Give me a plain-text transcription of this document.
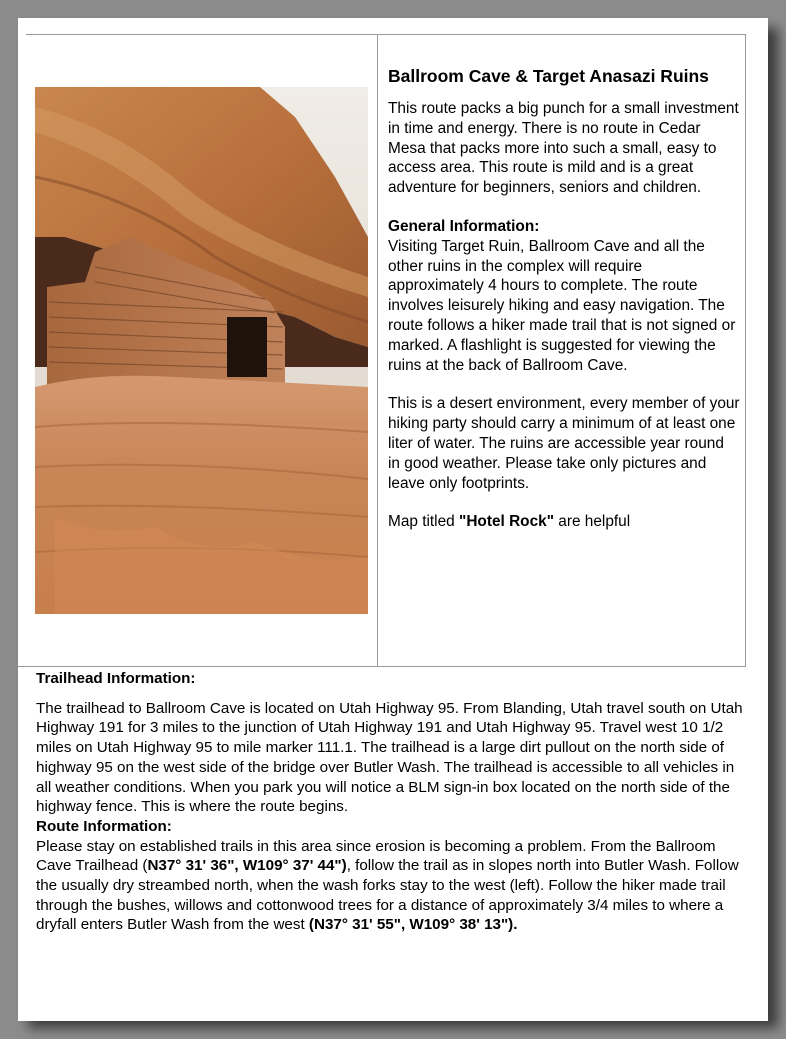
Ballroom Cave & Target Anasazi Ruins

This route packs a big punch for a small investment in time and energy. There is no route in Cedar Mesa that packs more into such a small, easy to access area. This route is mild and is a great adventure for beginners, seniors and children.

General Information:
Visiting Target Ruin, Ballroom Cave and all the other ruins in the complex will require approximately 4 hours to complete. The route involves leisurely hiking and easy navigation. The route follows a hiker made trail that is not signed or marked. A flashlight is suggested for viewing the ruins at the back of Ballroom Cave.

This is a desert environment, every member of your hiking party should carry a minimum of at least one liter of water. The ruins are accessible year round in good weather. Please take only pictures and leave only footprints.

Map titled "Hotel Rock" are helpful

Trailhead Information:

The trailhead to Ballroom Cave is located on Utah Highway 95. From Blanding, Utah travel south on Utah Highway 191 for 3 miles to the junction of Utah Highway 191 and Utah Highway 95. Travel west 10 1/2 miles on Utah Highway 95 to mile marker 111.1. The trailhead is a large dirt pullout on the north side of highway 95 on the west side of the bridge over Butler Wash. The trailhead is accessible to all vehicles in all weather conditions. When you park you will notice a BLM sign-in box located on the north side of the highway fence. This is where the route begins.

Route Information:

Please stay on established trails in this area since erosion is becoming a problem. From the Ballroom Cave Trailhead (N37° 31' 36", W109° 37' 44"), follow the trail as in slopes north into Butler Wash. Follow the usually dry streambed north, when the wash forks stay to the west (left). Follow the hiker made trail through the bushes, willows and cottonwood trees for a distance of approximately 3/4 miles to where a dryfall enters Butler Wash from the west (N37° 31' 55", W109° 38' 13").
